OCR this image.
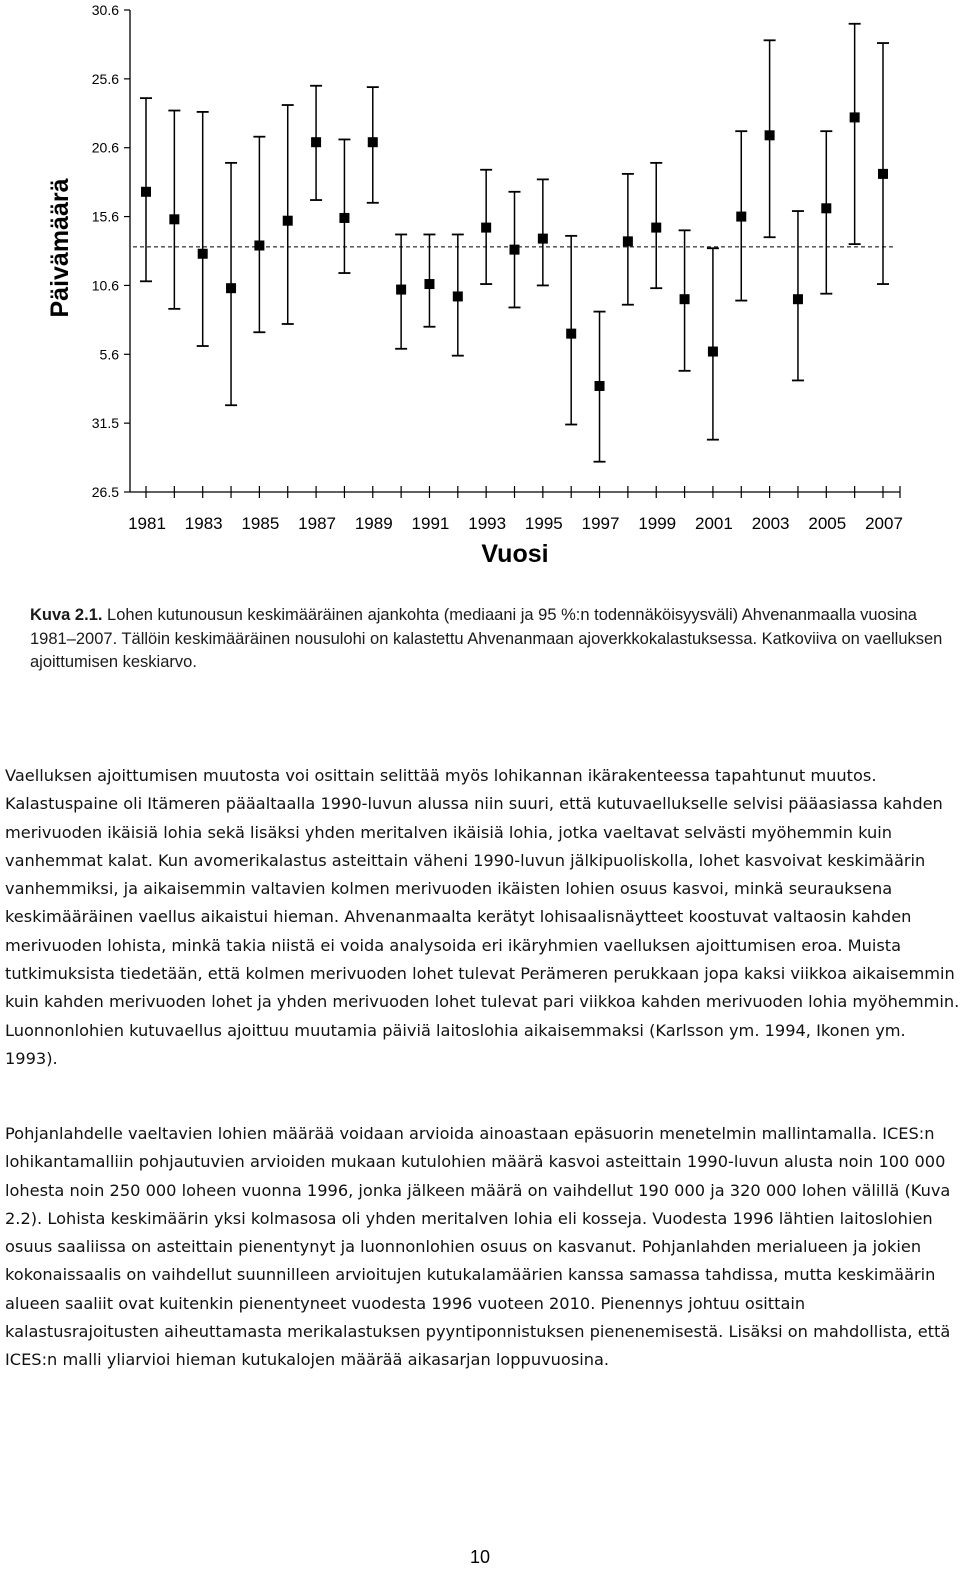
Päivämäärä
Vuosi
26.5
31.5
5.6
10.6
15.6
20.6
25.6
30.6
1981 1983 1985 1987 1989 1991 1993 1995 1997 1999 2001 2003 2005 2007
Kuva 2.1. Lohen kutunousun keskimääräinen ajankohta (mediaani ja 95 %:n todennäköisyysväli) Ahvenanmaalla vuosina 1981–2007. Tällöin keskimääräinen nousulohi on kalastettu Ahvenanmaan ajoverkkokalastuksessa. Katkoviiva on vaelluksen ajoittumisen keskiarvo.

Vaelluksen ajoittumisen muutosta voi osittain selittää myös lohikannan ikärakenteessa tapahtunut muutos. Kalastuspaine oli Itämeren pääaltaalla 1990-luvun alussa niin suuri, että kutuvaellukselle selvisi pääasiassa kahden merivuoden ikäisiä lohia sekä lisäksi yhden meritalven ikäisiä lohia, jotka vaeltavat selvästi myöhemmin kuin vanhemmat kalat. Kun avomerikalastus asteittain väheni 1990-luvun jälkipuoliskolla, lohet kasvoivat keskimäärin vanhemmiksi, ja aikaisemmin valtavien kolmen merivuoden ikäisten lohien osuus kasvoi, minkä seurauksena keskimääräinen vaellus aikaistui hieman. Ahvenanmaalta kerätyt lohisaalisnäytteet koostuvat valtaosin kahden merivuoden lohista, minkä takia niistä ei voida analysoida eri ikäryhmien vaelluksen ajoittumisen eroa. Muista tutkimuksista tiedetään, että kolmen merivuoden lohet tulevat Perämeren perukkaan jopa kaksi viikkoa aikaisemmin kuin kahden merivuoden lohet ja yhden merivuoden lohet tulevat pari viikkoa kahden merivuoden lohia myöhemmin. Luonnonlohien kutuvaellus ajoittuu muutamia päiviä laitoslohia aikaisemmaksi (Karlsson ym. 1994, Ikonen ym. 1993).

Pohjanlahdelle vaeltavien lohien määrää voidaan arvioida ainoastaan epäsuorin menetelmin mallintamalla. ICES:n lohikantamalliin pohjautuvien arvioiden mukaan kutulohien määrä kasvoi asteittain 1990-luvun alusta noin 100 000 lohesta noin 250 000 loheen vuonna 1996, jonka jälkeen määrä on vaihdellut 190 000 ja 320 000 lohen välillä (Kuva 2.2). Lohista keskimäärin yksi kolmasosa oli yhden meritalven lohia eli kosseja. Vuodesta 1996 lähtien laitoslohien osuus saaliissa on asteittain pienentynyt ja luonnonlohien osuus on kasvanut. Pohjanlahden merialueen ja jokien kokonaissaalis on vaihdellut suunnilleen arvioitujen kutukalamäärien kanssa samassa tahdissa, mutta keskimäärin alueen saaliit ovat kuitenkin pienentyneet vuodesta 1996 vuoteen 2010. Pienennys johtuu osittain kalastusrajoitusten aiheuttamasta merikalastuksen pyyntiponnistuksen pienenemisestä. Lisäksi on mahdollista, että ICES:n malli yliarvioi hieman kutukalojen määrää aikasarjan loppuvuosina.

10
